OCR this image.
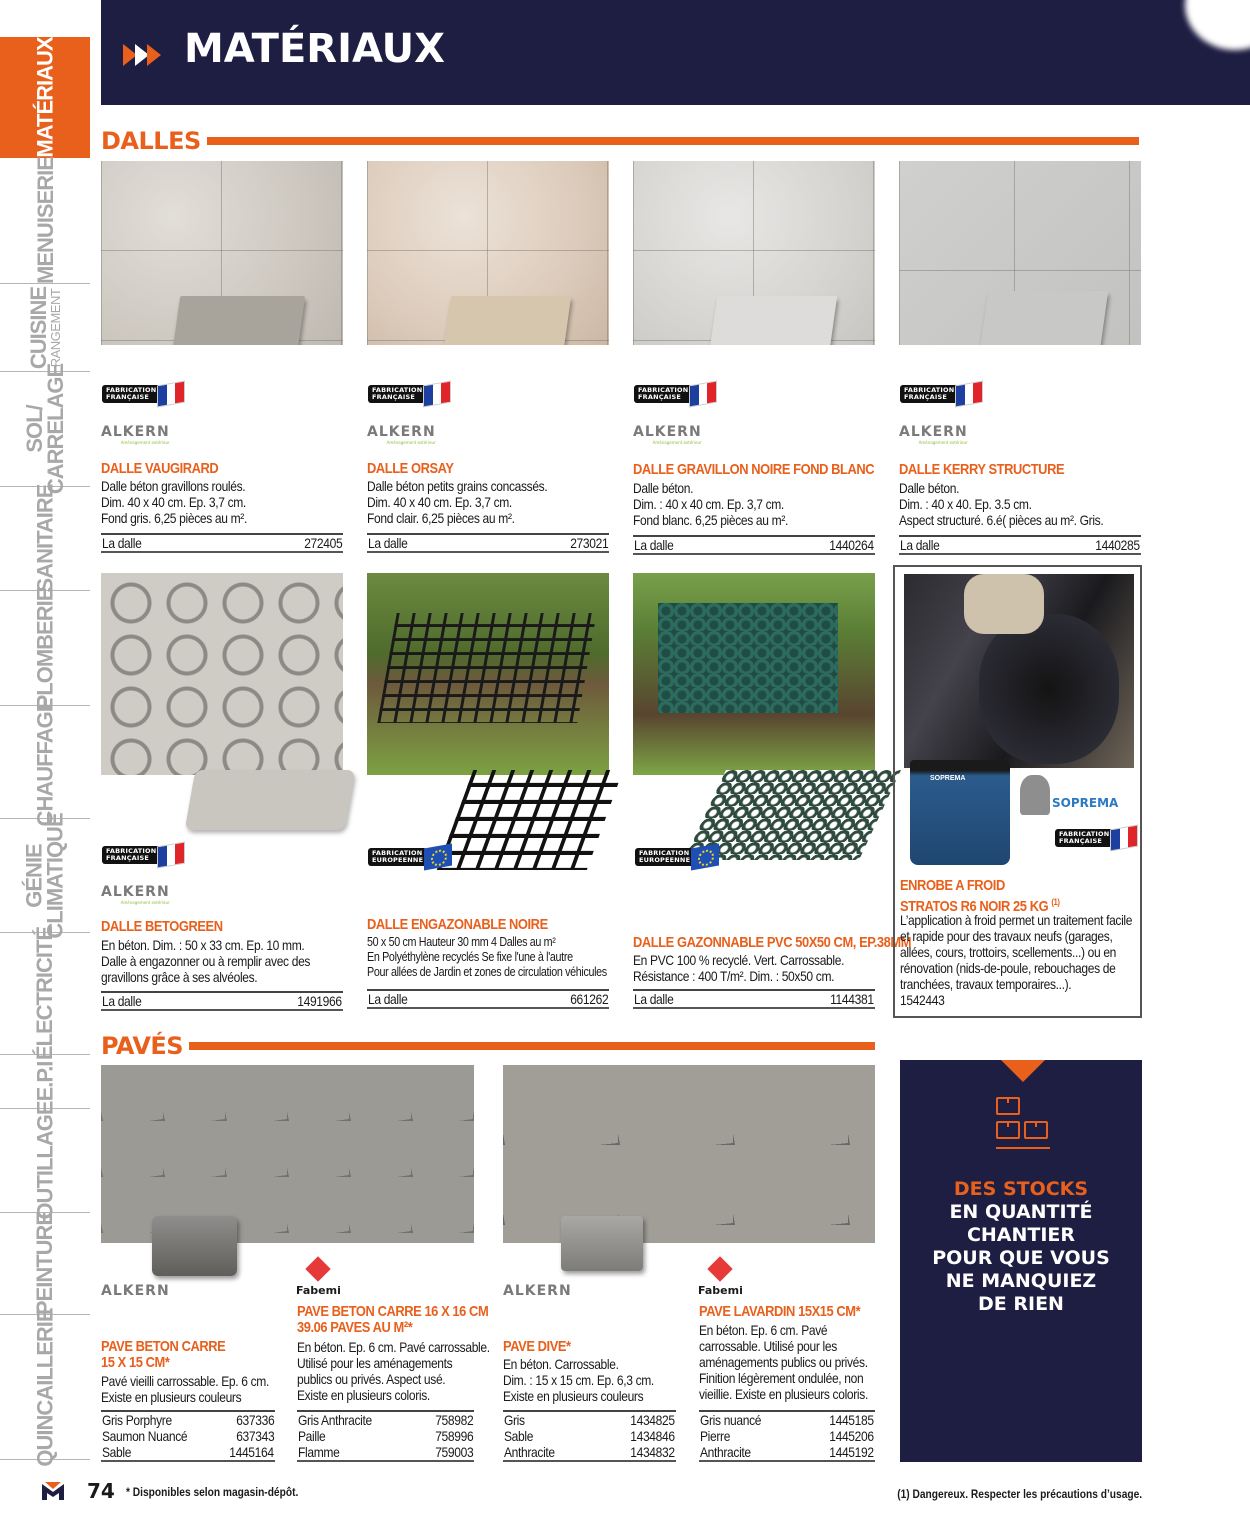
MATÉRIAUX
MENUISERIE
CUISINE
RANGEMENT
SOL/
CARRELAGE
SANITAIRE
PLOMBERIE
CHAUFFAGE
GÉNIE
CLIMATIQUE
ÉLECTRICITÉ
E.P.I
OUTILLAGE
PEINTURE
QUINCAILLERIE
MATÉRIAUX
DALLES
FABRICATION
FRANÇAISE
FABRICATION
FRANÇAISE
FABRICATION
FRANÇAISE
FABRICATION
FRANÇAISE
ALKERN
Aménagement extérieur
ALKERN
Aménagement extérieur
ALKERN
Aménagement extérieur
ALKERN
Aménagement extérieur
DALLE VAUGIRARD
Dalle béton gravillons roulés.
Dim. 40 x 40 cm. Ep. 3,7 cm.
Fond gris. 6,25 pièces au m².
La dalle	272405
DALLE ORSAY
Dalle béton petits grains concassés.
Dim. 40 x 40 cm. Ep. 3,7 cm.
Fond clair. 6,25 pièces au m².
La dalle	273021
DALLE GRAVILLON NOIRE FOND BLANC
Dalle béton.
Dim. : 40 x 40 cm. Ep. 3,7 cm.
Fond blanc. 6,25 pièces au m².
La dalle	1440264
DALLE KERRY STRUCTURE
Dalle béton.
Dim. : 40 x 40. Ep. 3.5 cm.
Aspect structuré. 6.é( pièces au m². Gris.
La dalle	1440285
FABRICATION
FRANÇAISE
FABRICATION
EUROPEENNE
FABRICATION
EUROPEENNE
ALKERN
Aménagement extérieur
DALLE BETOGREEN
En béton. Dim. : 50 x 33 cm. Ep. 10 mm.
Dalle à engazonner ou à remplir avec des
gravillons grâce à ses alvéoles.
La dalle	1491966
DALLE ENGAZONABLE NOIRE
50 x 50 cm Hauteur 30 mm 4 Dalles au m²
En Polyéthylène recyclés Se fixe l'une à l'autre
Pour allées de Jardin et zones de circulation véhicules
La dalle	661262
DALLE GAZONNABLE PVC 50X50 CM, EP.38MM
En PVC 100 % recyclé. Vert. Carrossable.
Résistance : 400 T/m². Dim. : 50x50 cm.
La dalle	1144381
SOPREMA
SOPREMA
FABRICATION
FRANÇAISE
ENROBE A FROID
STRATOS R6 NOIR 25 KG $^{(1)}$
L’application à froid permet un traitement facile
et rapide pour des travaux neufs (garages,
allées, cours, trottoirs, scellements...) ou en
rénovation (nids-de-poule, rebouchages de
tranchées, travaux temporaires...).
1542443
PAVÉS
ALKERN	Fabemi	ALKERN	Fabemi
PAVE BETON CARRE
15 X 15 CM*
Pavé vieilli carrossable. Ep. 6 cm.
Existe en plusieurs couleurs
Gris Porphyre	637336
Saumon Nuancé	637343
Sable	1445164
PAVE BETON CARRE 16 X 16 CM
39.06 PAVES AU M²*
En béton. Ep. 6 cm. Pavé carrossable.
Utilisé pour les aménagements
publics ou privés. Aspect usé.
Existe en plusieurs coloris.
Gris Anthracite	758982
Paille	758996
Flamme	759003
PAVE DIVE*
En béton. Carrossable.
Dim. : 15 x 15 cm. Ep. 6,3 cm.
Existe en plusieurs couleurs
Gris	1434825
Sable	1434846
Anthracite	1434832
PAVE LAVARDIN 15X15 CM*
En béton. Ep. 6 cm. Pavé
carrossable. Utilisé pour les
aménagements publics ou privés.
Finition légèrement ondulée, non
vieillie. Existe en plusieurs coloris.
Gris nuancé	1445185
Pierre	1445206
Anthracite	1445192
DES STOCKS
EN QUANTITÉ
CHANTIER
POUR QUE VOUS
NE MANQUIEZ
DE RIEN
74 * Disponibles selon magasin-dépôt.	(1) Dangereux. Respecter les précautions d’usage.
